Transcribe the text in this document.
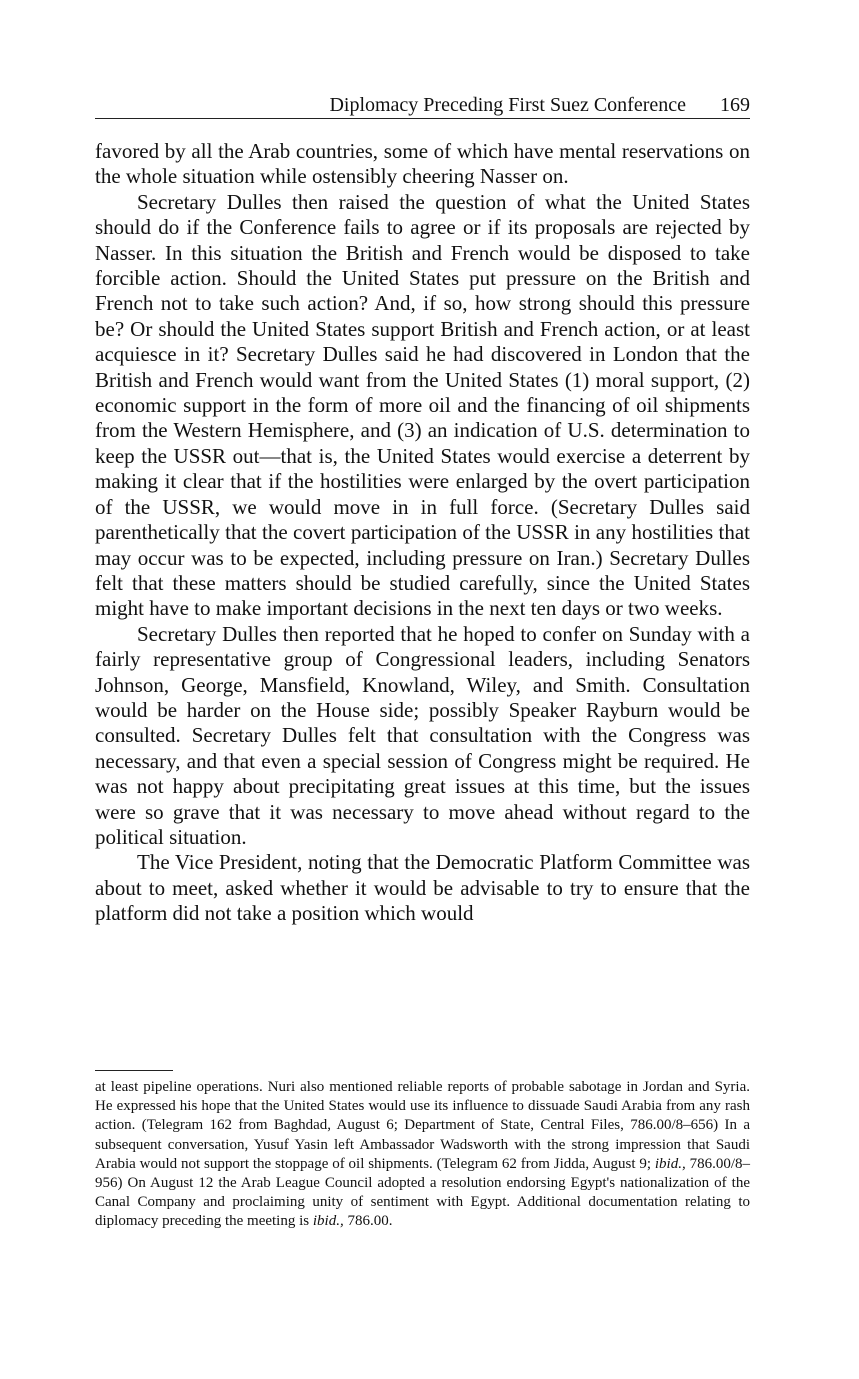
Diplomacy Preceding First Suez Conference 169

favored by all the Arab countries, some of which have mental reservations on the whole situation while ostensibly cheering Nasser on.

Secretary Dulles then raised the question of what the United States should do if the Conference fails to agree or if its proposals are rejected by Nasser. In this situation the British and French would be disposed to take forcible action. Should the United States put pressure on the British and French not to take such action? And, if so, how strong should this pressure be? Or should the United States support British and French action, or at least acquiesce in it? Secretary Dulles said he had discovered in London that the British and French would want from the United States (1) moral support, (2) economic support in the form of more oil and the financing of oil shipments from the Western Hemisphere, and (3) an indication of U.S. determination to keep the USSR out—that is, the United States would exercise a deterrent by making it clear that if the hostilities were enlarged by the overt participation of the USSR, we would move in in full force. (Secretary Dulles said parenthetically that the covert participation of the USSR in any hostilities that may occur was to be expected, including pressure on Iran.) Secretary Dulles felt that these matters should be studied carefully, since the United States might have to make important decisions in the next ten days or two weeks.

Secretary Dulles then reported that he hoped to confer on Sunday with a fairly representative group of Congressional leaders, including Senators Johnson, George, Mansfield, Knowland, Wiley, and Smith. Consultation would be harder on the House side; possibly Speaker Rayburn would be consulted. Secretary Dulles felt that consultation with the Congress was necessary, and that even a special session of Congress might be required. He was not happy about precipitating great issues at this time, but the issues were so grave that it was necessary to move ahead without regard to the political situation.

The Vice President, noting that the Democratic Platform Committee was about to meet, asked whether it would be advisable to try to ensure that the platform did not take a position which would

at least pipeline operations. Nuri also mentioned reliable reports of probable sabotage in Jordan and Syria. He expressed his hope that the United States would use its influence to dissuade Saudi Arabia from any rash action. (Telegram 162 from Baghdad, August 6; Department of State, Central Files, 786.00/8–656) In a subsequent conversation, Yusuf Yasin left Ambassador Wadsworth with the strong impression that Saudi Arabia would not support the stoppage of oil shipments. (Telegram 62 from Jidda, August 9; ibid., 786.00/8–956) On August 12 the Arab League Council adopted a resolution endorsing Egypt's nationalization of the Canal Company and proclaiming unity of sentiment with Egypt. Additional documentation relating to diplomacy preceding the meeting is ibid., 786.00.
